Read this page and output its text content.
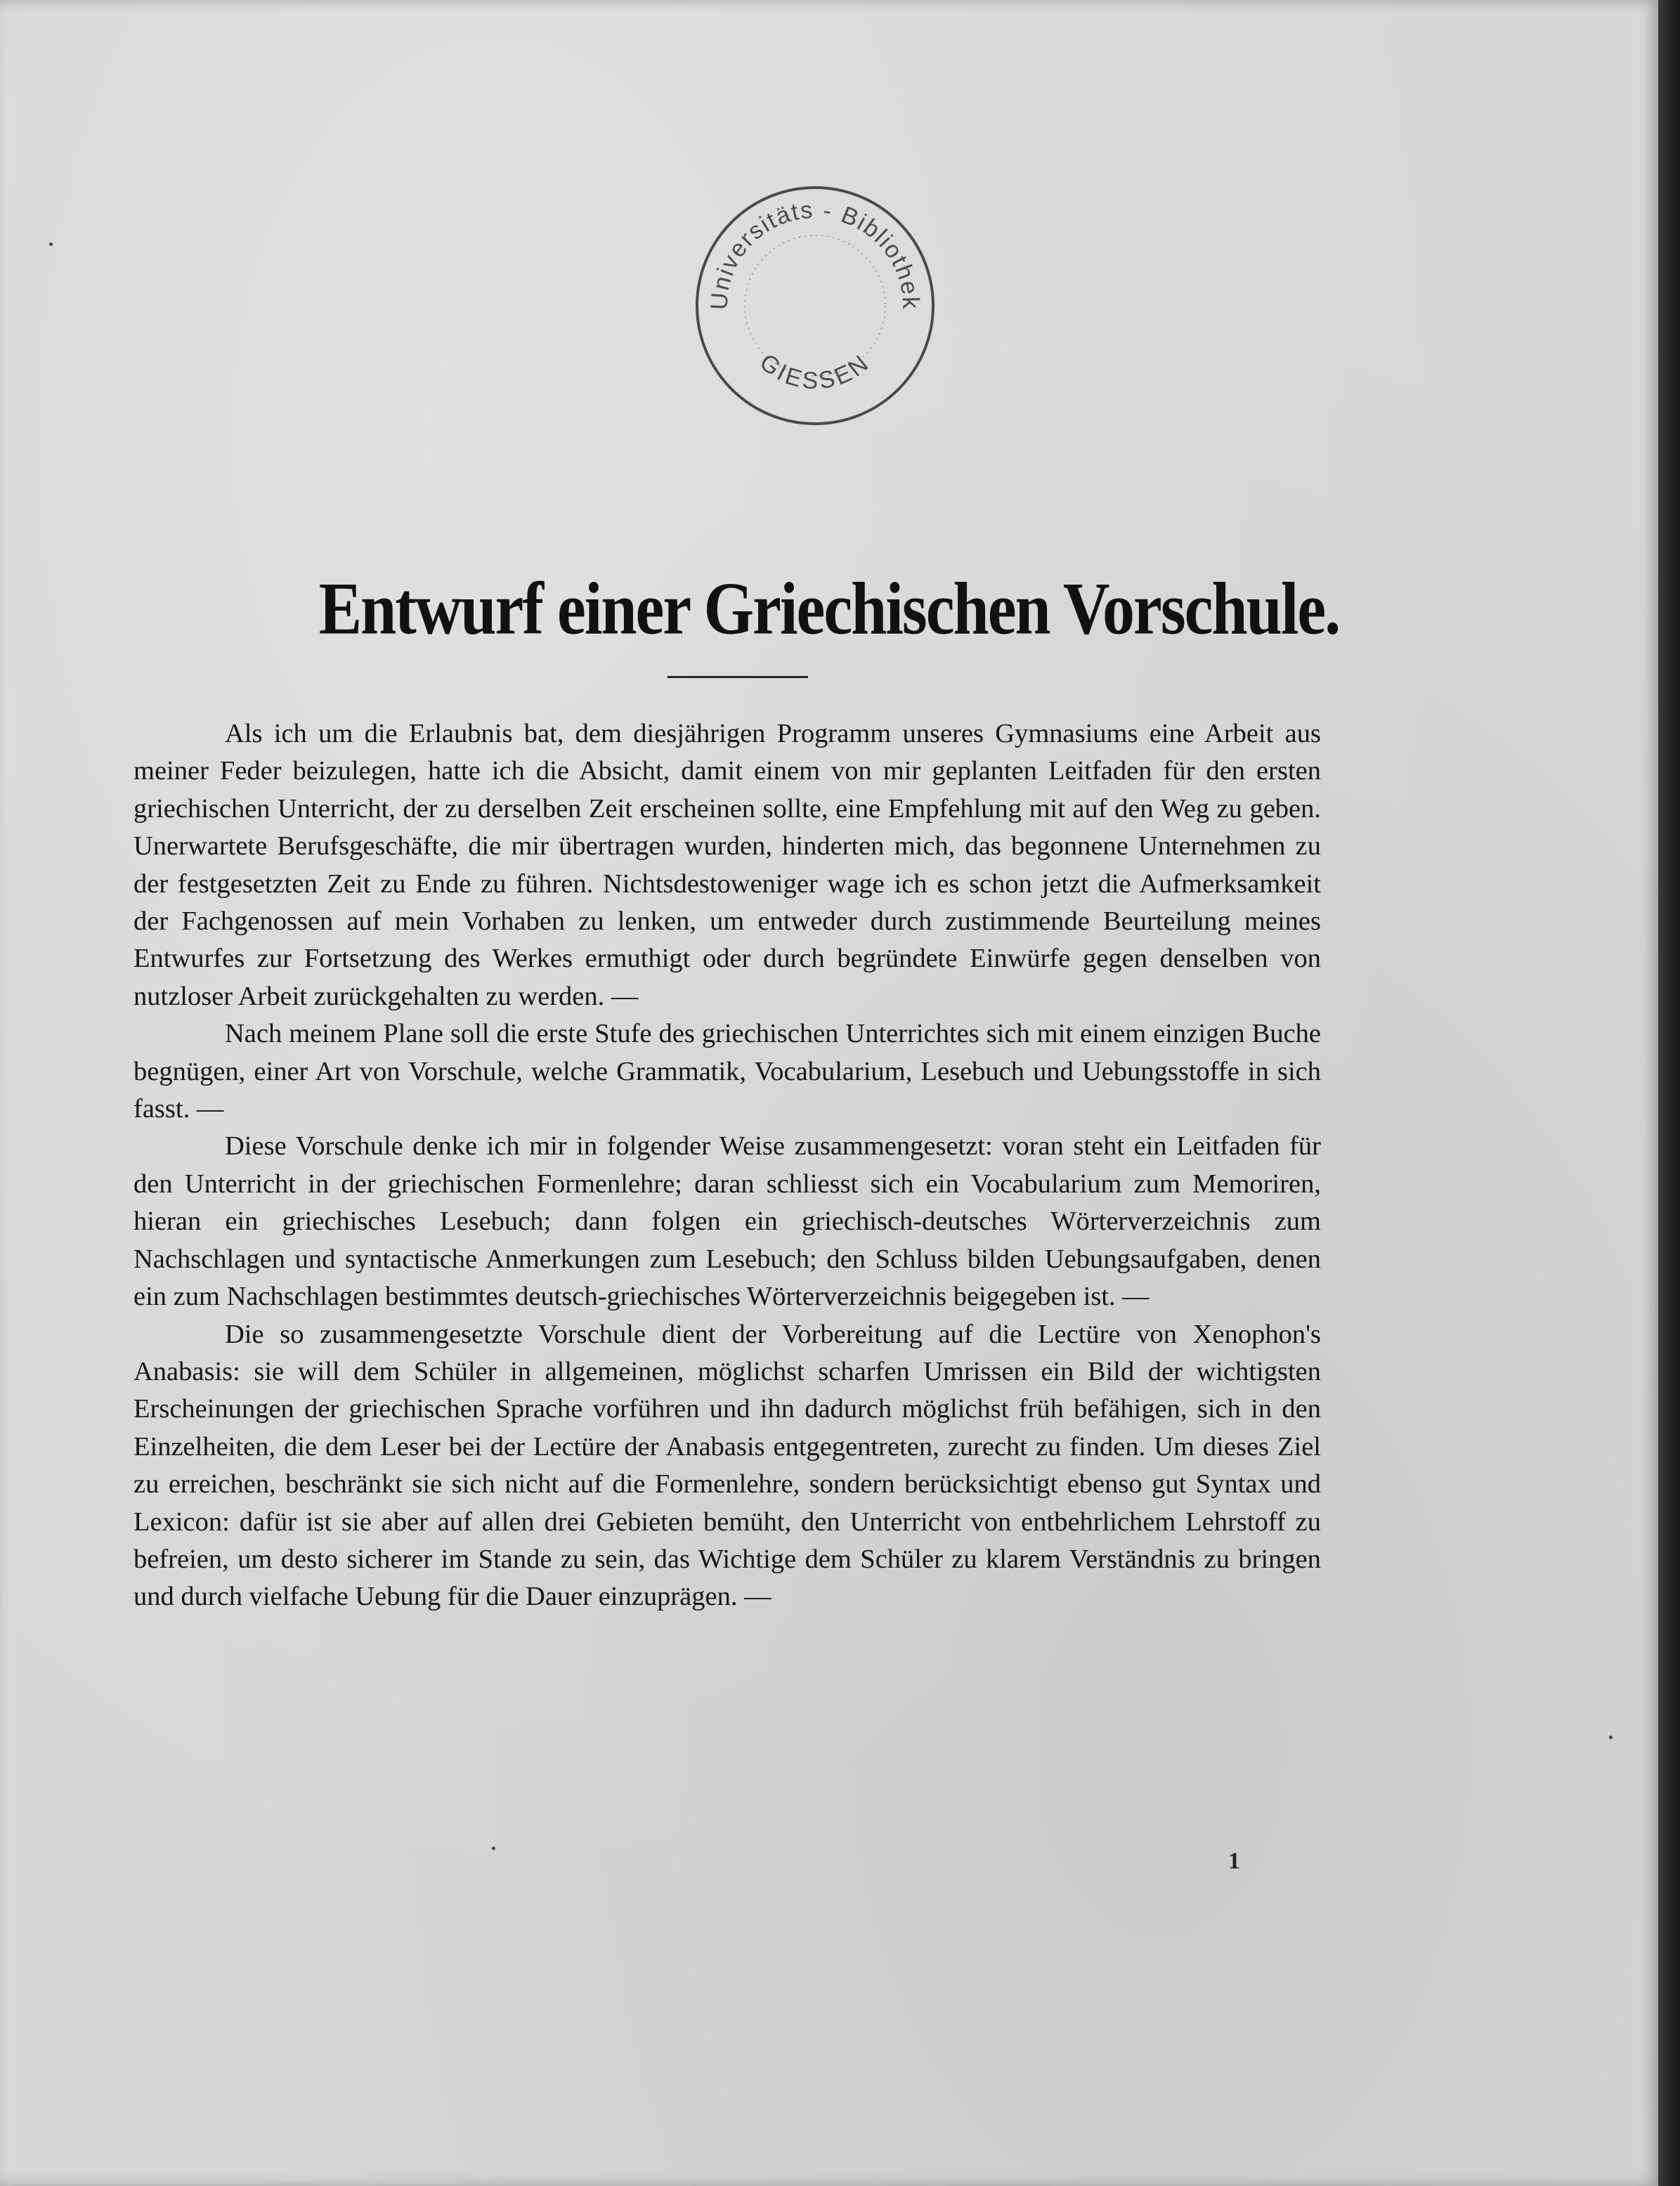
Universitäts - Bibliothek
GIESSEN
Entwurf einer Griechischen Vorschule.

Als ich um die Erlaubnis bat, dem diesjährigen Programm unseres Gymnasiums eine Arbeit aus meiner Feder beizulegen, hatte ich die Absicht, damit einem von mir geplanten Leitfaden für den ersten griechischen Unterricht, der zu derselben Zeit erscheinen sollte, eine Empfehlung mit auf den Weg zu geben. Unerwartete Berufsgeschäfte, die mir übertragen wurden, hinderten mich, das begonnene Unternehmen zu der festgesetzten Zeit zu Ende zu führen. Nichtsdestoweniger wage ich es schon jetzt die Aufmerksamkeit der Fachgenossen auf mein Vorhaben zu lenken, um entweder durch zustimmende Beurteilung meines Entwurfes zur Fortsetzung des Werkes ermuthigt oder durch begründete Einwürfe gegen denselben von nutzloser Arbeit zurückgehalten zu werden. —

Nach meinem Plane soll die erste Stufe des griechischen Unterrichtes sich mit einem einzigen Buche begnügen, einer Art von Vorschule, welche Grammatik, Vocabularium, Lesebuch und Uebungsstoffe in sich fasst. —

Diese Vorschule denke ich mir in folgender Weise zusammengesetzt: voran steht ein Leitfaden für den Unterricht in der griechischen Formenlehre; daran schliesst sich ein Vocabularium zum Memoriren, hieran ein griechisches Lesebuch; dann folgen ein griechisch-deutsches Wörterverzeichnis zum Nachschlagen und syntactische Anmerkungen zum Lesebuch; den Schluss bilden Uebungsaufgaben, denen ein zum Nachschlagen bestimmtes deutsch-griechisches Wörterverzeichnis beigegeben ist. —

Die so zusammengesetzte Vorschule dient der Vorbereitung auf die Lectüre von Xenophon's Anabasis: sie will dem Schüler in allgemeinen, möglichst scharfen Umrissen ein Bild der wichtigsten Erscheinungen der griechischen Sprache vorführen und ihn dadurch möglichst früh befähigen, sich in den Einzelheiten, die dem Leser bei der Lectüre der Anabasis entgegentreten, zurecht zu finden. Um dieses Ziel zu erreichen, beschränkt sie sich nicht auf die Formenlehre, sondern berücksichtigt ebenso gut Syntax und Lexicon: dafür ist sie aber auf allen drei Gebieten bemüht, den Unterricht von entbehrlichem Lehrstoff zu befreien, um desto sicherer im Stande zu sein, das Wichtige dem Schüler zu klarem Verständnis zu bringen und durch vielfache Uebung für die Dauer einzuprägen. —

1
